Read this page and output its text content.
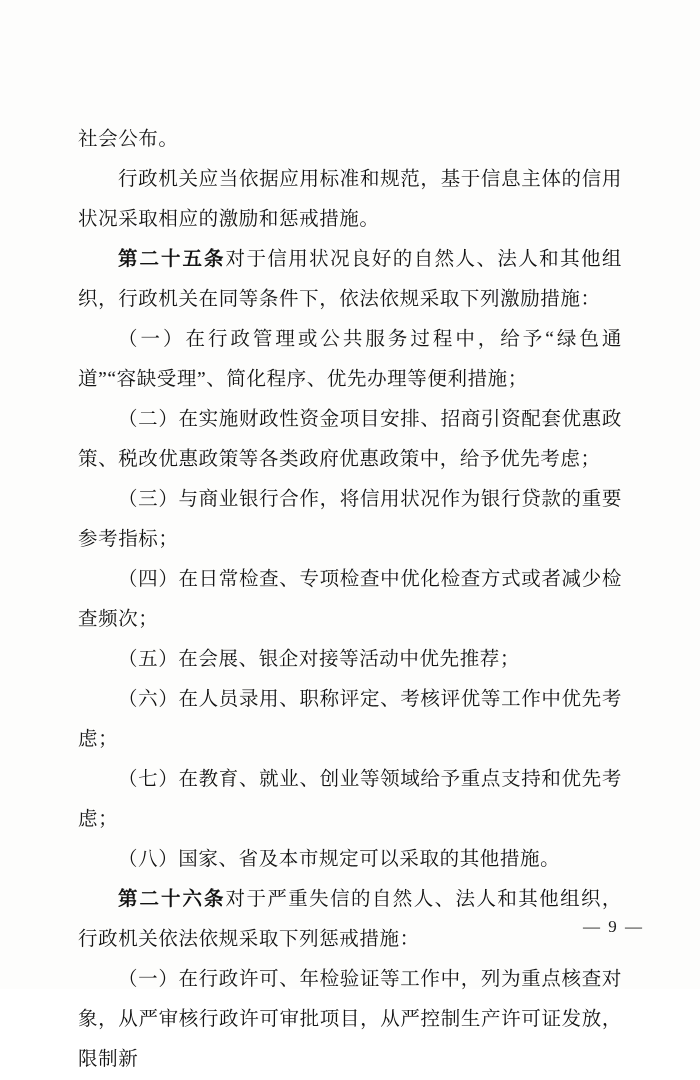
社会公布。

行政机关应当依据应用标准和规范，基于信息主体的信用状况采取相应的激励和惩戒措施。

第二十五条对于信用状况良好的自然人、法人和其他组织，行政机关在同等条件下，依法依规采取下列激励措施：

（一）在行政管理或公共服务过程中，给予“绿色通道”“容缺受理”、简化程序、优先办理等便利措施；

（二）在实施财政性资金项目安排、招商引资配套优惠政策、税改优惠政策等各类政府优惠政策中，给予优先考虑；

（三）与商业银行合作，将信用状况作为银行贷款的重要参考指标；

（四）在日常检查、专项检查中优化检查方式或者减少检查频次；

（五）在会展、银企对接等活动中优先推荐；

（六）在人员录用、职称评定、考核评优等工作中优先考虑；

（七）在教育、就业、创业等领域给予重点支持和优先考虑；

（八）国家、省及本市规定可以采取的其他措施。

第二十六条对于严重失信的自然人、法人和其他组织，行政机关依法依规采取下列惩戒措施：

（一）在行政许可、年检验证等工作中，列为重点核查对象，从严审核行政许可审批项目，从严控制生产许可证发放，限制新

— 9 —
